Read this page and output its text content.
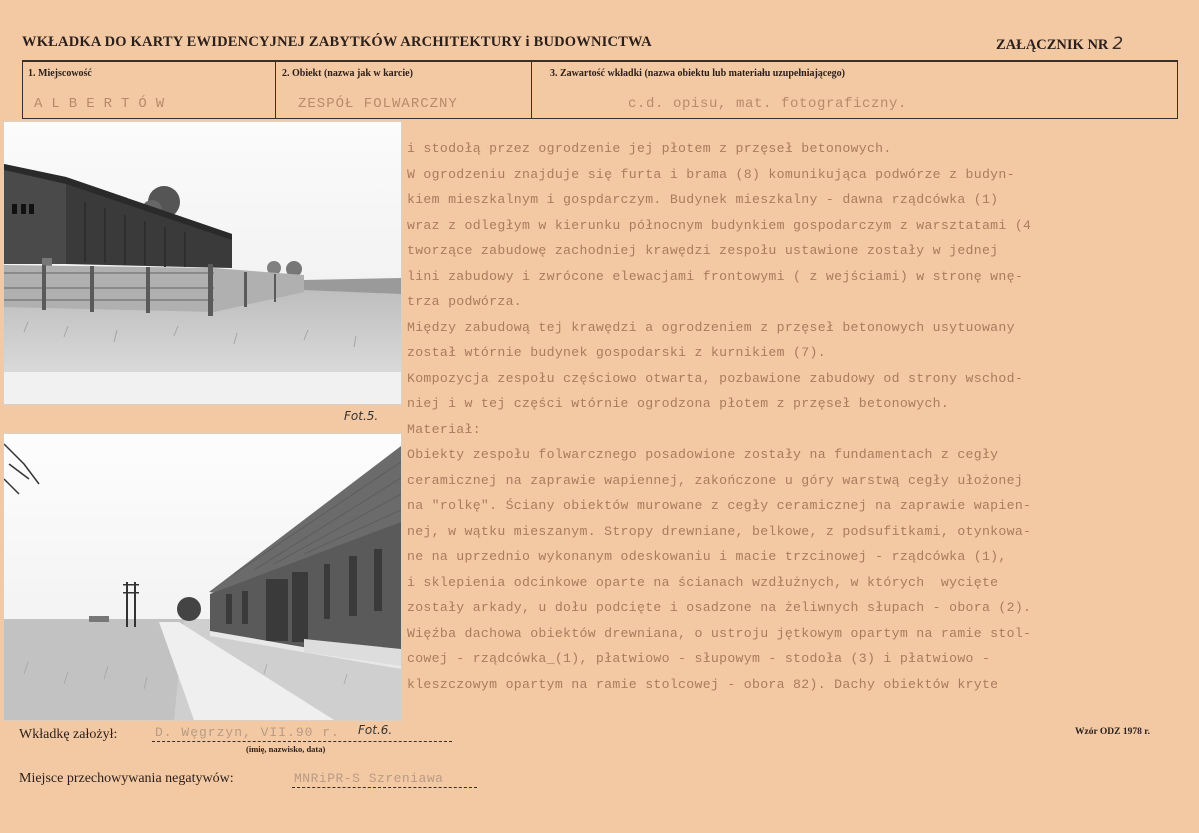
WKŁADKA DO KARTY EWIDENCYJNEJ ZABYTKÓW ARCHITEKTURY i BUDOWNICTWA	ZAŁĄCZNIK NR 2
1. Miejscowość	2. Obiekt (nazwa jak w karcie)	3. Zawartość wkładki (nazwa obiektu lub materiału uzupełniającego)
ALBERTÓW	ZESPÓŁ FOLWARCZNY	c.d. opisu, mat. fotograficzny.
Fot.5.
Fot.6.
i stodołą przez ogrodzenie jej płotem z przęseł betonowych.
W ogrodzeniu znajduje się furta i brama (8) komunikująca podwórze z budyn-
kiem mieszkalnym i gospdarczym. Budynek mieszkalny - dawna rządcówka (1)
wraz z odległym w kierunku północnym budynkiem gospodarczym z warsztatami (4
tworzące zabudowę zachodniej krawędzi zespołu ustawione zostały w jednej
lini zabudowy i zwrócone elewacjami frontowymi ( z wejściami) w stronę wnę-
trza podwórza.
Między zabudową tej krawędzi a ogrodzeniem z przęseł betonowych usytuowany
został wtórnie budynek gospodarski z kurnikiem (7).
Kompozycja zespołu częściowo otwarta, pozbawione zabudowy od strony wschod-
niej i w tej części wtórnie ogrodzona płotem z przęseł betonowych.
Materiał:
Obiekty zespołu folwarcznego posadowione zostały na fundamentach z cegły
ceramicznej na zaprawie wapiennej, zakończone u góry warstwą cegły ułożonej
na "rolkę". Ściany obiektów murowane z cegły ceramicznej na zaprawie wapien-
nej, w wątku mieszanym. Stropy drewniane, belkowe, z podsufitkami, otynkowa-
ne na uprzednio wykonanym odeskowaniu i macie trzcinowej - rządcówka (1),
i sklepienia odcinkowe oparte na ścianach wzdłużnych, w których  wycięte
zostały arkady, u dołu podcięte i osadzone na żeliwnych słupach - obora (2).
Więźba dachowa obiektów drewniana, o ustroju jętkowym opartym na ramie stol-
cowej - rządcówka_(1), płatwiowo - słupowym - stodoła (3) i płatwiowo -
kleszczowym opartym na ramie stolcowej - obora 82). Dachy obiektów kryte
Wkładkę założył:	D. Węgrzyn, VII.90 r.
(imię, nazwisko, data)
Wzór ODZ 1978 r.
Miejsce przechowywania negatywów:	MNRiPR-S Szreniawa
